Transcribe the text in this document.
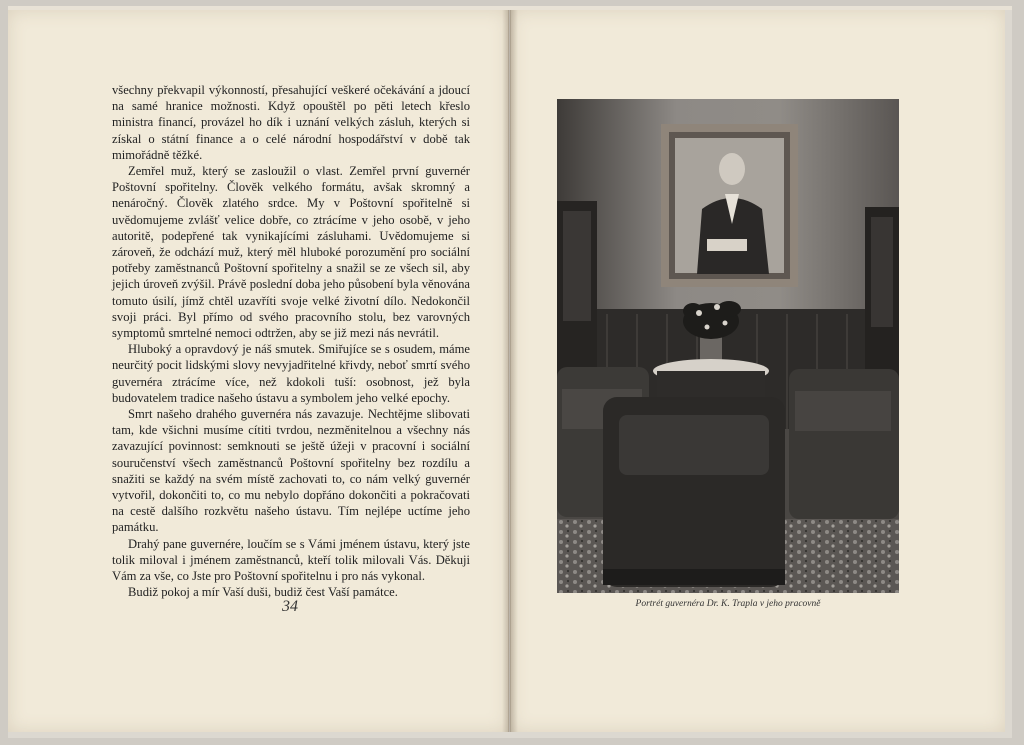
všechny překvapil výkonností, přesahující veškeré očekávání a jdoucí na samé hranice možnosti. Když opouštěl po pěti letech křeslo ministra financí, provázel ho dík i uznání velkých zásluh, kterých si získal o státní finance a o celé národní hospodářství v době tak mimořádně těžké.

Zemřel muž, který se zasloužil o vlast. Zemřel první guvernér Poštovní spořitelny. Člověk velkého formátu, avšak skromný a nenáročný. Člověk zlatého srdce. My v Poštovní spořitelně si uvědomujeme zvlášť velice dobře, co ztrácíme v jeho osobě, v jeho autoritě, podepřené tak vynikajícími zásluhami. Uvědomujeme si zároveň, že odchází muž, který měl hluboké porozumění pro sociální potřeby zaměstnanců Poštovní spořitelny a snažil se ze všech sil, aby jejich úroveň zvýšil. Právě poslední doba jeho působení byla věnována tomuto úsilí, jímž chtěl uzavříti svoje velké životní dílo. Nedokončil svoji práci. Byl přímo od svého pracovního stolu, bez varovných symptomů smrtelné nemoci odtržen, aby se již mezi nás nevrátil.

Hluboký a opravdový je náš smutek. Smiřujíce se s osudem, máme neurčitý pocit lidskými slovy nevyjadřitelné křivdy, neboť smrtí svého guvernéra ztrácíme více, než kdokoli tuší: osobnost, jež byla budovatelem tradice našeho ústavu a symbolem jeho velké epochy.

Smrt našeho drahého guvernéra nás zavazuje. Nechtějme slibovati tam, kde všichni musíme cítiti tvrdou, nezměnitelnou a všechny nás zavazující povinnost: semknouti se ještě úžeji v pracovní i sociální souručenství všech zaměstnanců Poštovní spořitelny bez rozdílu a snažiti se každý na svém místě zachovati to, co nám velký guvernér vytvořil, dokončiti to, co mu nebylo dopřáno dokončiti a pokračovati na cestě dalšího rozkvětu našeho ústavu. Tím nejlépe uctíme jeho památku.

Drahý pane guvernére, loučím se s Vámi jménem ústavu, který jste tolik miloval i jménem zaměstnanců, kteří tolik milovali Vás. Děkuji Vám za vše, co Jste pro Poštovní spořitelnu i pro nás vykonal.

Budiž pokoj a mír Vaší duši, budiž čest Vaší památce.

34	Portrét guvernéra Dr. K. Trapla v jeho pracovně
